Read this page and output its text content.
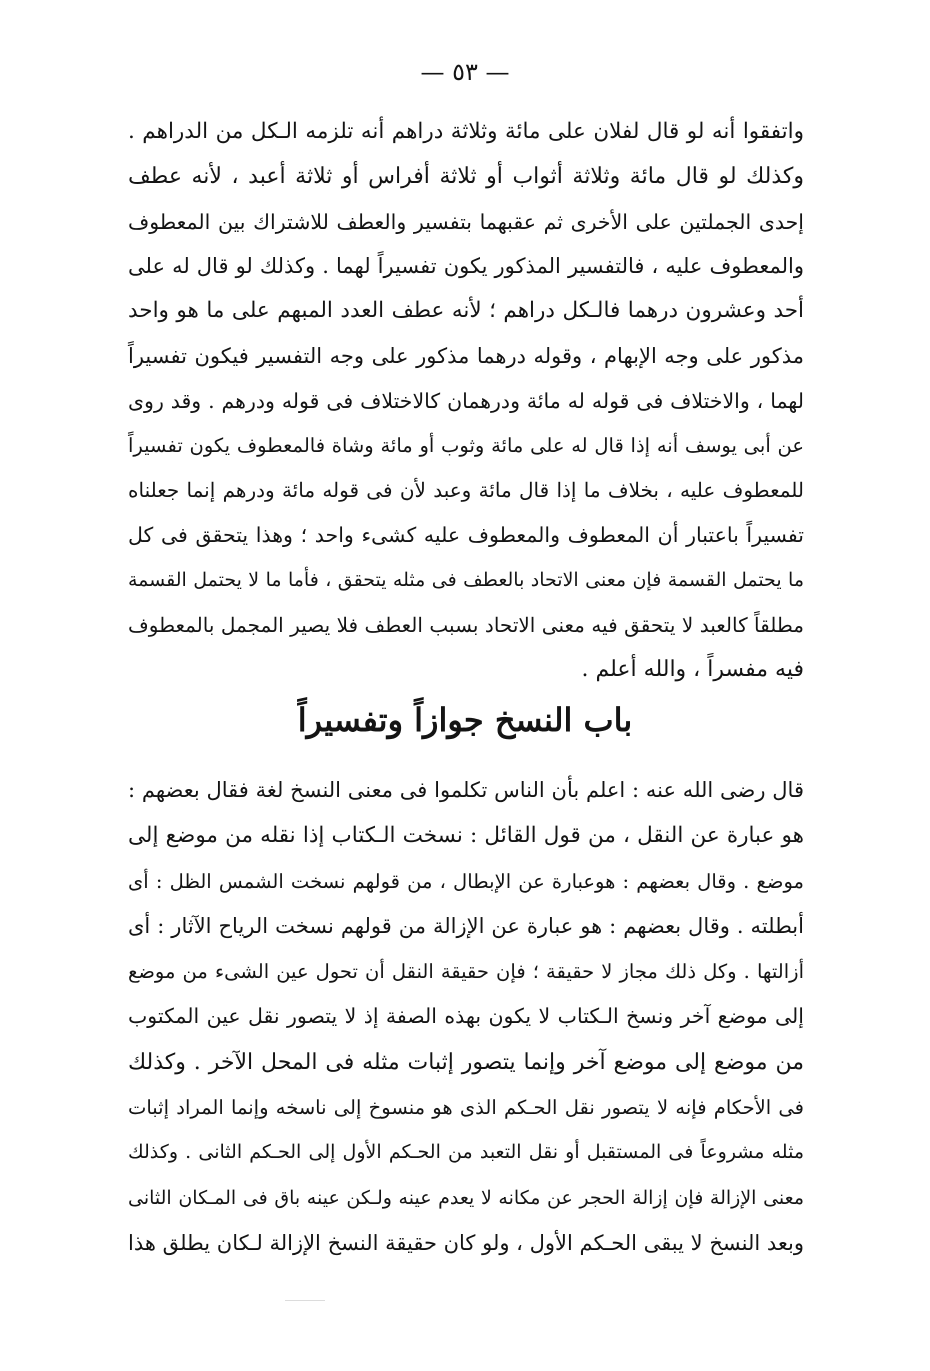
— ٥٣ —
واتفقوا أنه لو قال لفلان على مائة وثلاثة دراهم أنه تلزمه الـكل من الدراهم .
وكذلك لو قال مائة وثلاثة أثواب أو ثلاثة أفراس أو ثلاثة أعبد ، لأنه عطف
إحدى الجملتين على الأخرى ثم عقبهما بتفسير والعطف للاشتراك بين المعطوف
والمعطوف عليه ، فالتفسير المذكور يكون تفسيراً لهما . وكذلك لو قال له على
أحد وعشرون درهما فالـكل دراهم ؛ لأنه عطف العدد المبهم على ما هو واحد
مذكور على وجه الإبهام ، وقوله درهما مذكور على وجه التفسير فيكون تفسيراً
لهما ، والاختلاف فى قوله له مائة ودرهمان كالاختلاف فى قوله ودرهم . وقد روى
عن أبى يوسف أنه إذا قال له على مائة وثوب أو مائة وشاة فالمعطوف يكون تفسيراً
للمعطوف عليه ، بخلاف ما إذا قال مائة وعبد لأن فى قوله مائة ودرهم إنما جعلناه
تفسيراً باعتبار أن المعطوف والمعطوف عليه كشىء واحد ؛ وهذا يتحقق فى كل
ما يحتمل القسمة فإن معنى الاتحاد بالعطف فى مثله يتحقق ، فأما ما لا يحتمل القسمة
مطلقاً كالعبد لا يتحقق فيه معنى الاتحاد بسبب العطف فلا يصير المجمل بالمعطوف
فيه مفسراً ، والله أعلم .
باب النسخ جوازاً وتفسيراً
قال رضى الله عنه : اعلم بأن الناس تكلموا فى معنى النسخ لغة فقال بعضهم :
هو عبارة عن النقل ، من قول القائل : نسخت الـكتاب إذا نقله من موضع إلى
موضع . وقال بعضهم : هوعبارة عن الإبطال ، من قولهم نسخت الشمس الظل : أى
أبطلته . وقال بعضهم : هو عبارة عن الإزالة من قولهم نسخت الرياح الآثار : أى
أزالتها . وكل ذلك مجاز لا حقيقة ؛ فإن حقيقة النقل أن تحول عين الشىء من موضع
إلى موضع آخر ونسخ الـكتاب لا يكون بهذه الصفة إذ لا يتصور نقل عين المكتوب
من موضع إلى موضع آخر وإنما يتصور إثبات مثله فى المحل الآخر . وكذلك
فى الأحكام فإنه لا يتصور نقل الحـكم الذى هو منسوخ إلى ناسخه وإنما المراد إثبات
مثله مشروعاً فى المستقبل أو نقل التعبد من الحـكم الأول إلى الحـكم الثانى . وكذلك
معنى الإزالة فإن إزالة الحجر عن مكانه لا يعدم عينه ولـكن عينه باق فى المـكان الثانى
وبعد النسخ لا يبقى الحـكم الأول ، ولو كان حقيقة النسخ الإزالة لـكان يطلق هذا
